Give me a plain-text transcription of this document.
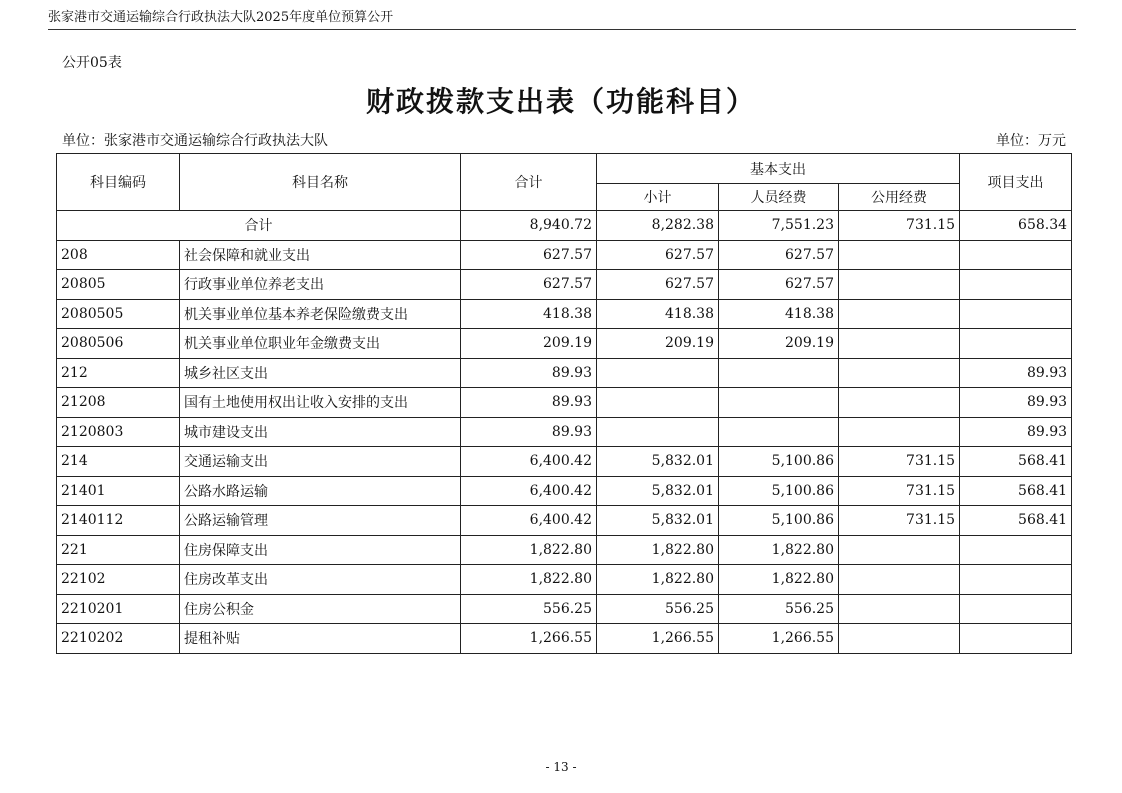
张家港市交通运输综合行政执法大队2025年度单位预算公开
公开05表
财政拨款支出表（功能科目）
单位：张家港市交通运输综合行政执法大队	单位：万元
科目编码	科目名称	合计	基本支出			项目支出
			小计	人员经费	公用经费	
合计		8,940.72	8,282.38	7,551.23	731.15	658.34
208	社会保障和就业支出	627.57	627.57	627.57		
20805	行政事业单位养老支出	627.57	627.57	627.57		
2080505	机关事业单位基本养老保险缴费支出	418.38	418.38	418.38		
2080506	机关事业单位职业年金缴费支出	209.19	209.19	209.19		
212	城乡社区支出	89.93				89.93
21208	国有土地使用权出让收入安排的支出	89.93				89.93
2120803	城市建设支出	89.93				89.93
214	交通运输支出	6,400.42	5,832.01	5,100.86	731.15	568.41
21401	公路水路运输	6,400.42	5,832.01	5,100.86	731.15	568.41
2140112	公路运输管理	6,400.42	5,832.01	5,100.86	731.15	568.41
221	住房保障支出	1,822.80	1,822.80	1,822.80		
22102	住房改革支出	1,822.80	1,822.80	1,822.80		
2210201	住房公积金	556.25	556.25	556.25		
2210202	提租补贴	1,266.55	1,266.55	1,266.55		
- 13 -
